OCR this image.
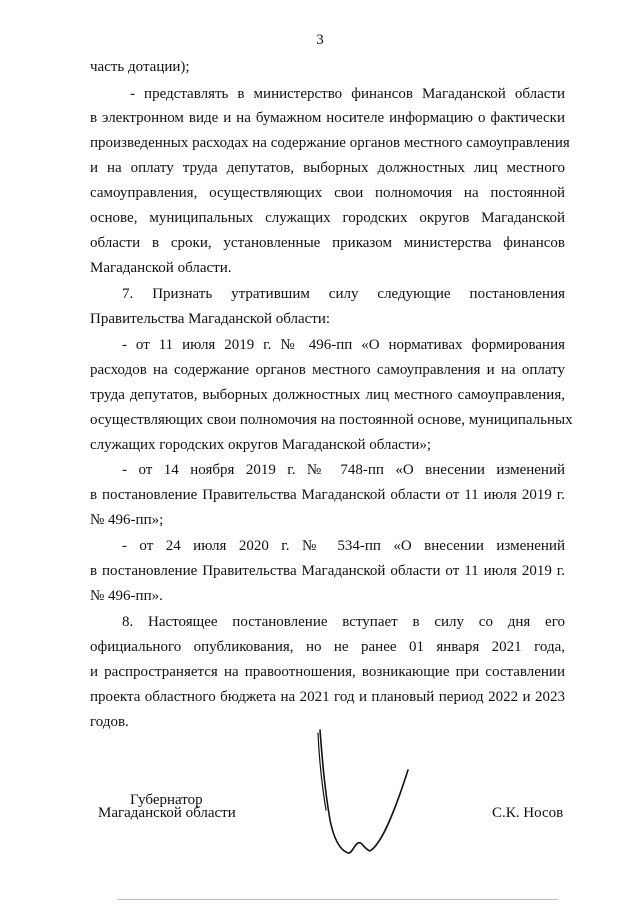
3
часть дотации);
- представлять в министерство финансов Магаданской области
в электронном виде и на бумажном носителе информацию о фактически
произведенных расходах на содержание органов местного самоуправления
и на оплату труда депутатов, выборных должностных лиц местного
самоуправления, осуществляющих свои полномочия на постоянной
основе, муниципальных служащих городских округов Магаданской
области в сроки, установленные приказом министерства финансов
Магаданской области.
7. Признать утратившим силу следующие постановления
Правительства Магаданской области:
- от 11 июля 2019 г. № 496-пп «О нормативах формирования
расходов на содержание органов местного самоуправления и на оплату
труда депутатов, выборных должностных лиц местного самоуправления,
осуществляющих свои полномочия на постоянной основе, муниципальных
служащих городских округов Магаданской области»;
- от 14 ноября 2019 г. № 748-пп «О внесении изменений
в постановление Правительства Магаданской области от 11 июля 2019 г.
№ 496-пп»;
- от 24 июля 2020 г. № 534-пп «О внесении изменений
в постановление Правительства Магаданской области от 11 июля 2019 г.
№ 496-пп».
8. Настоящее постановление вступает в силу со дня его
официального опубликования, но не ранее 01 января 2021 года,
и распространяется на правоотношения, возникающие при составлении
проекта областного бюджета на 2021 год и плановый период 2022 и 2023
годов.
Губернатор
Магаданской области	С.К. Носов
